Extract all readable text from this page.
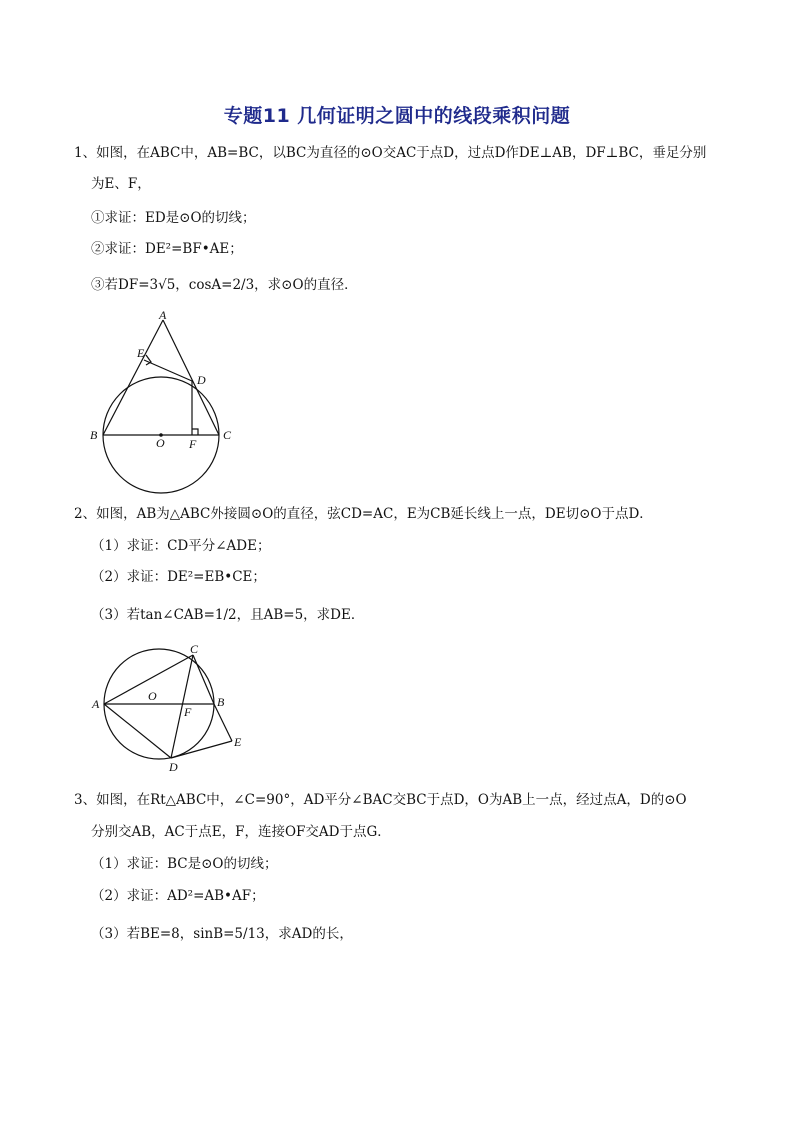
专题11 几何证明之圆中的线段乘积问题
1、如图，在ABC中，AB=BC，以BC为直径的⊙O交AC于点D，过点D作DE⊥AB，DF⊥BC，垂足分别
为E、F，
①求证：ED是⊙O的切线；
②求证：DE²=BF•AE；
③若DF=3√5，cosA=2/3，求⊙O的直径．
A
E
D
B
O F
C
2、如图，AB为△ABC外接圆⊙O的直径，弦CD=AC，E为CB延长线上一点，DE切⊙O于点D．
（1）求证：CD平分∠ADE；
（2）求证：DE²=EB•CE；
（3）若tan∠CAB=1/2，且AB=5，求DE．
C
A
O	B
F
E
D
3、如图，在Rt△ABC中，∠C=90°，AD平分∠BAC交BC于点D，O为AB上一点，经过点A，D的⊙O
分别交AB，AC于点E，F，连接OF交AD于点G．
（1）求证：BC是⊙O的切线；
（2）求证：AD²=AB•AF；
（3）若BE=8，sinB=5/13，求AD的长，
